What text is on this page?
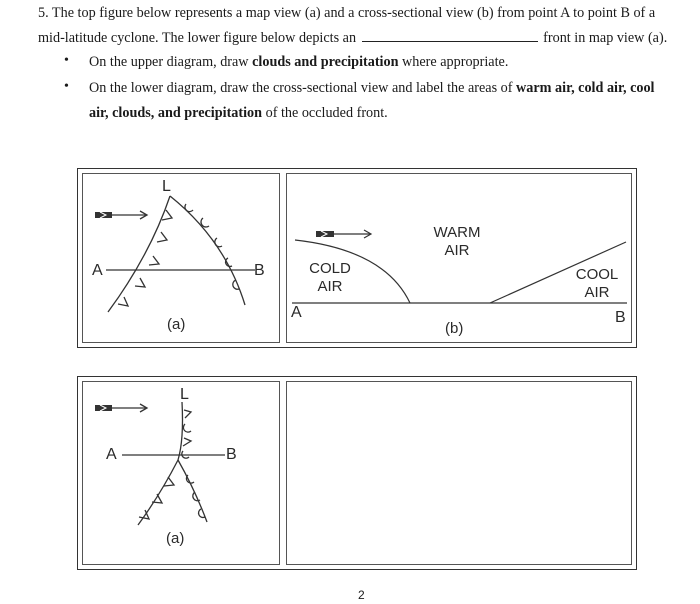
5. The top figure below represents a map view (a) and a cross-sectional view (b) from point A to point B of a
mid-latitude cyclone. The lower figure below depicts an	front in map view (a).
• On the upper diagram, draw clouds and precipitation where appropriate.
• On the lower diagram, draw the cross-sectional view and label the areas of warm air, cold air, cool
air, clouds, and precipitation of the occluded front.
L
A	B
(a)
WARM
AIR
COLD
AIR
COOL
AIR
A	B
(b)
L
A	B
(a)
2
